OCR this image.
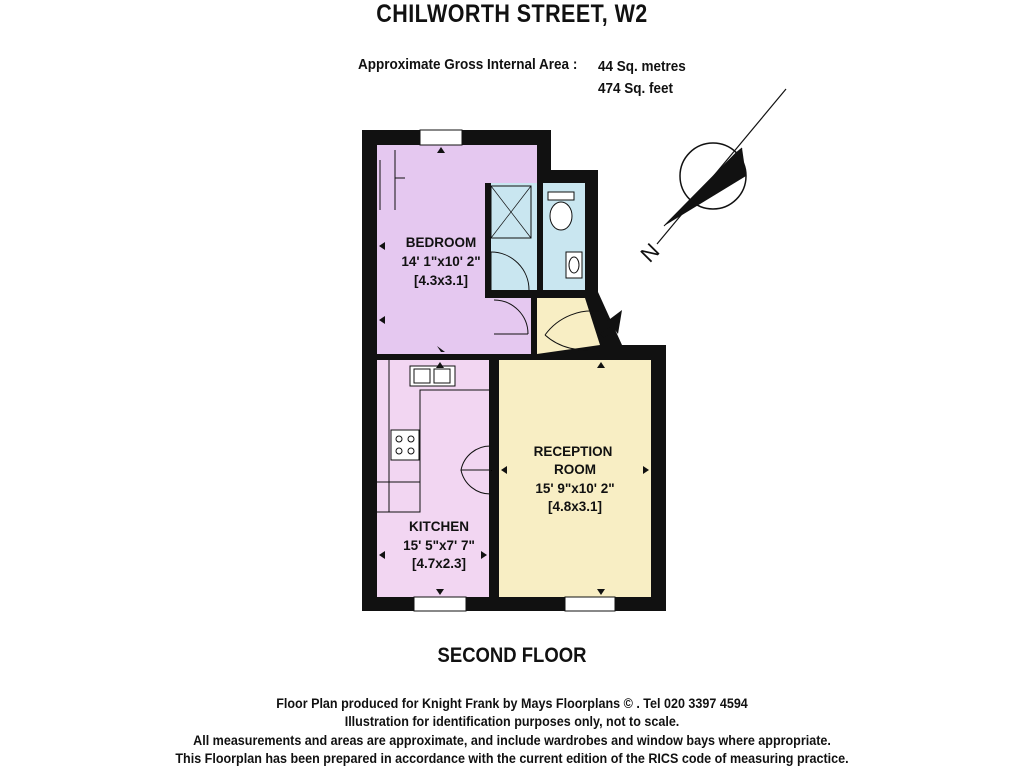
CHILWORTH STREET, W2
Approximate Gross Internal Area : 44 Sq. metres
474 Sq. feet
BEDROOM
14' 1"x10' 2"
[4.3x3.1]
RECEPTION
ROOM
15' 9"x10' 2"
[4.8x3.1]
KITCHEN
15' 5"x7' 7"
[4.7x2.3]
N
SECOND FLOOR
Floor Plan produced for Knight Frank by Mays Floorplans © . Tel 020 3397 4594
Illustration for identification purposes only, not to scale.
All measurements and areas are approximate, and include wardrobes and window bays where appropriate.
This Floorplan has been prepared in accordance with the current edition of the RICS code of measuring practice.
